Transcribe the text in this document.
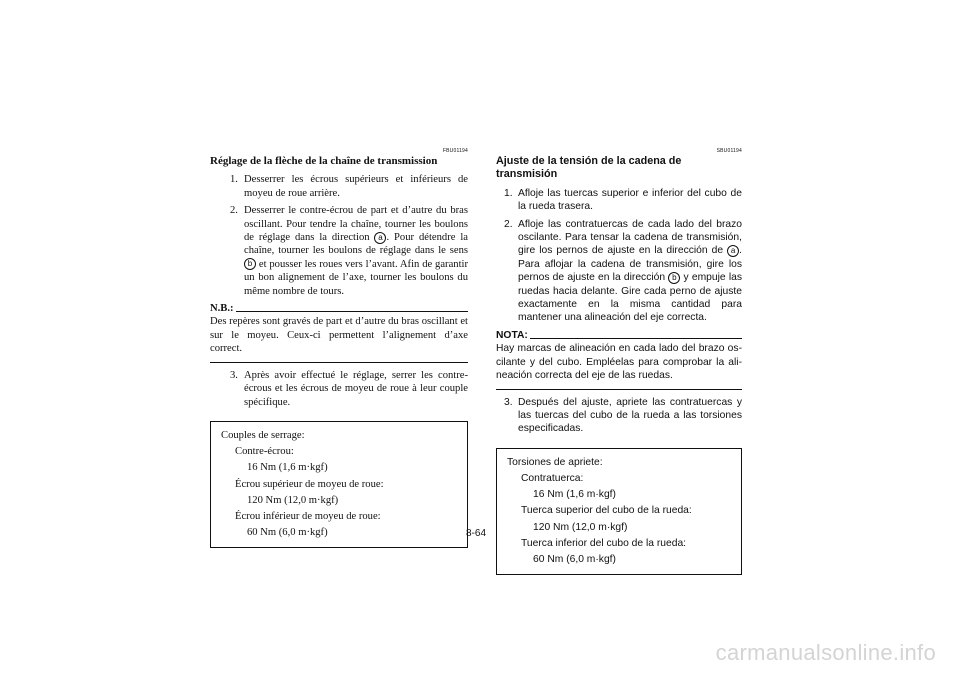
FBU01194
Réglage de la flèche de la chaîne de transmission
1. Desserrer les écrous supérieurs et inférieurs de moyeu de roue arrière.
2. Desserrer le contre-écrou de part et d’autre du bras oscillant. Pour tendre la chaîne, tourner les boulons de réglage dans la direction a . Pour détendre la chaîne, tourner les boulons de réglage dans le sens b et pousser les roues vers l’avant. Afin de garantir un bon alignement de l’axe, tourner les boulons du même nombre de tours.
N.B.:
Des repères sont gravés de part et d’autre du bras oscillant et sur le moyeu. Ceux-ci permettent l’alignement d’axe correct.
3. Après avoir effectué le réglage, serrer les contre-écrous et les écrous de moyeu de roue à leur couple spécifique.
Couples de serrage:
Contre-écrou:
16 Nm (1,6 m·kgf)
Écrou supérieur de moyeu de roue:
120 Nm (12,0 m·kgf)
Écrou inférieur de moyeu de roue:
60 Nm (6,0 m·kgf)
SBU01194
Ajuste de la tensión de la cadena de transmisión
1. Afloje las tuercas superior e inferior del cubo de la rueda trasera.
2. Afloje las contratuercas de cada lado del brazo oscilante. Para tensar la cadena de transmisión, gire los pernos de ajuste en la dirección de a . Para aflojar la cadena de transmisión, gire los pernos de ajuste en la dirección b y empuje las ruedas hacia delante. Gire cada perno de ajuste exactamente en la misma cantidad para mantener una alineación del eje correcta.
NOTA:
Hay marcas de alineación en cada lado del brazo oscilante y del cubo. Empléelas para comprobar la alineación correcta del eje de las ruedas.
3. Después del ajuste, apriete las contratuercas y las tuercas del cubo de la rueda a las torsiones especificadas.
Torsiones de apriete:
Contratuerca:
16 Nm (1,6 m·kgf)
Tuerca superior del cubo de la rueda:
120 Nm (12,0 m·kgf)
Tuerca inferior del cubo de la rueda:
60 Nm (6,0 m·kgf)
8-64
carmanualsonline.info
